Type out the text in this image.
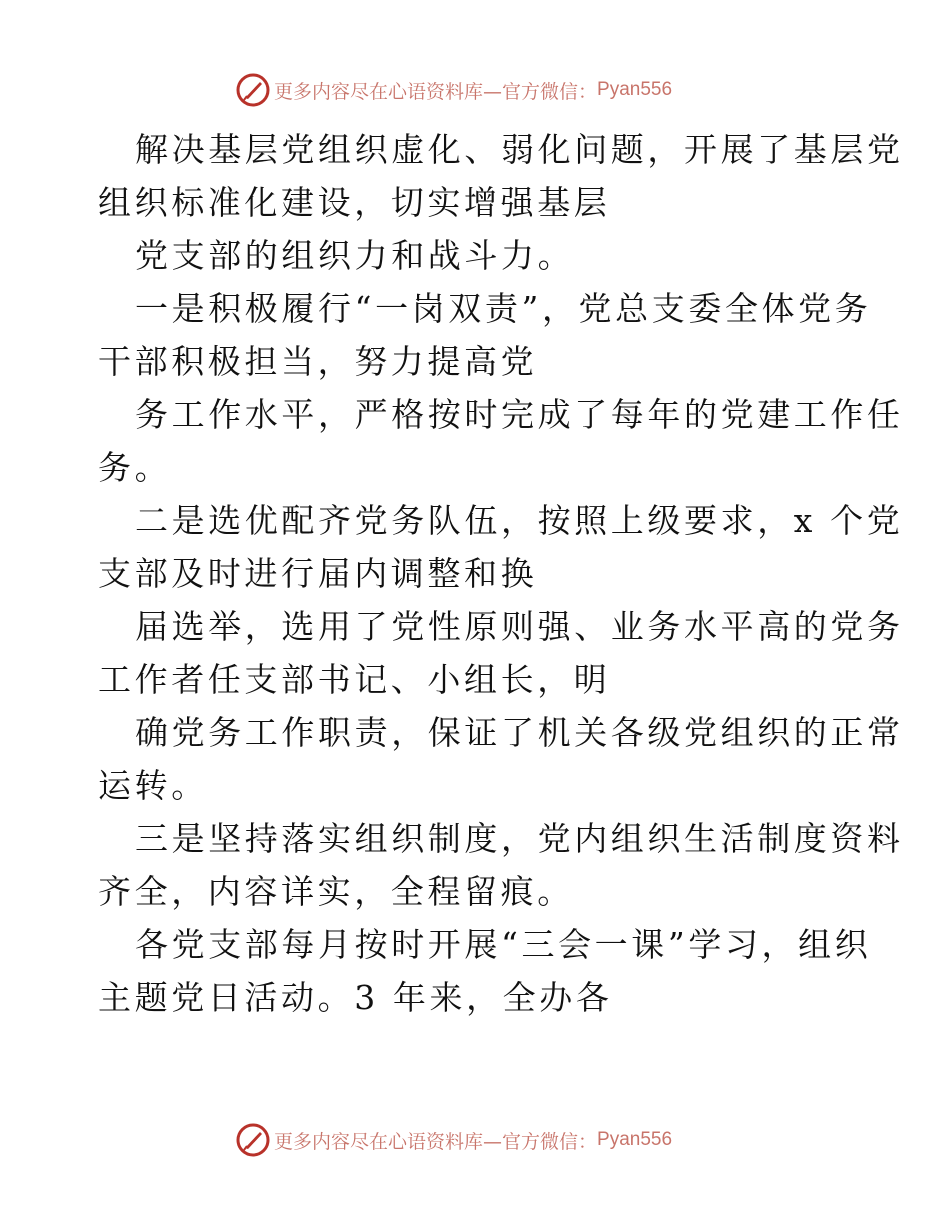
更多内容尽在心语资料库—官方微信： Pyan556
解决基层党组织虚化、弱化问题，开展了基层党
组织标准化建设，切实增强基层
党支部的组织力和战斗力。
一是积极履行“一岗双责”，党总支委全体党务
干部积极担当，努力提高党
务工作水平，严格按时完成了每年的党建工作任
务。
二是选优配齐党务队伍，按照上级要求，x 个党
支部及时进行届内调整和换
届选举，选用了党性原则强、业务水平高的党务
工作者任支部书记、小组长，明
确党务工作职责，保证了机关各级党组织的正常
运转。
三是坚持落实组织制度，党内组织生活制度资料
齐全，内容详实，全程留痕。
各党支部每月按时开展“三会一课”学习，组织
主题党日活动。3 年来，全办各
更多内容尽在心语资料库—官方微信： Pyan556
